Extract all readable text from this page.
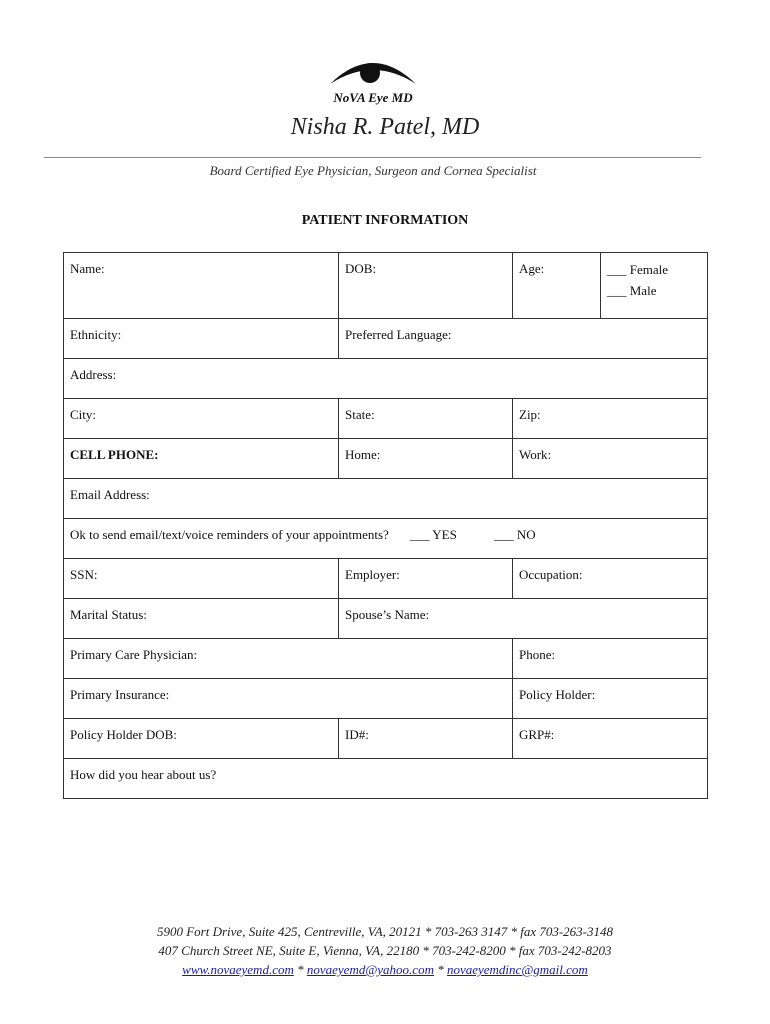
NoVA Eye MD
Nisha R. Patel, MD
Board Certified Eye Physician, Surgeon and Cornea Specialist
PATIENT INFORMATION
Name:	DOB:	Age:	___ Female
___ Male

Ethnicity:	Preferred Language:		
Address:			
City:	State:	Zip:	
CELL PHONE:	Home:	Work:	
Email Address:			
Ok to send email/text/voice reminders of your appointments? ___ YES ___ NO			
SSN:	Employer:	Occupation:	
Marital Status:	Spouse’s Name:		
Primary Care Physician:		Phone:	
Primary Insurance:		Policy Holder:	
Policy Holder DOB:	ID#:	GRP#:	
How did you hear about us?			
5900 Fort Drive, Suite 425, Centreville, VA, 20121 * 703-263 3147 * fax 703-263-3148
407 Church Street NE, Suite E, Vienna, VA, 22180 * 703-242-8200 * fax 703-242-8203
www.novaeyemd.com * novaeyemd@yahoo.com * novaeyemdinc@gmail.com
